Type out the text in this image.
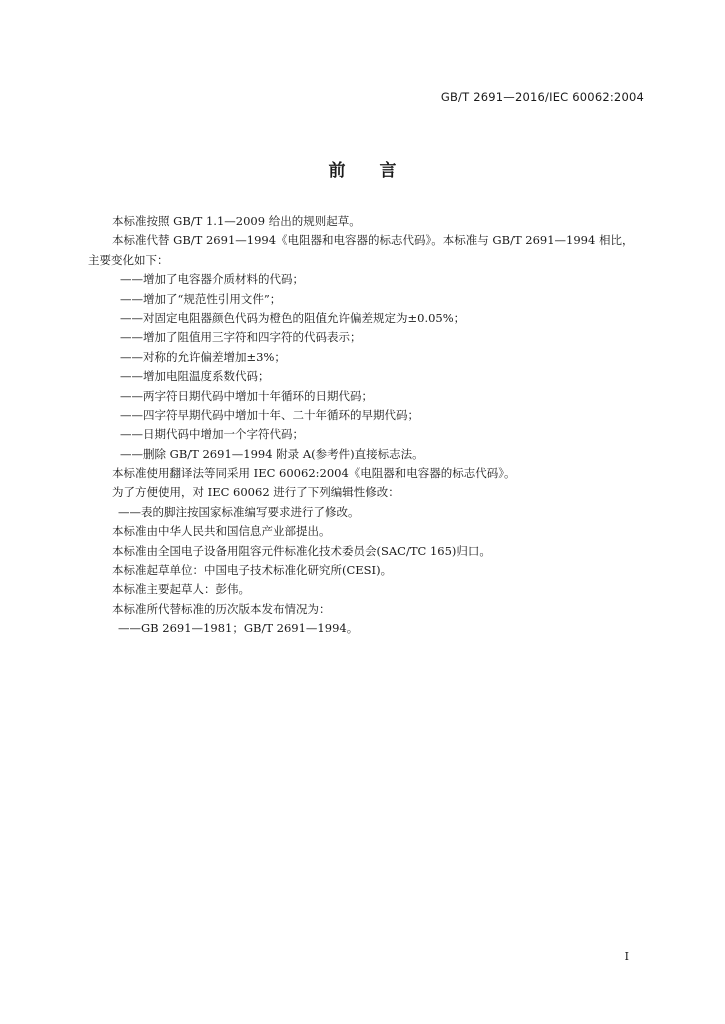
GB/T 2691—2016/IEC 60062:2004
前言
本标准按照 GB/T 1.1—2009 给出的规则起草。
本标准代替 GB/T 2691—1994《电阻器和电容器的标志代码》。本标准与 GB/T 2691—1994 相比，
主要变化如下：
——增加了电容器介质材料的代码；
——增加了“规范性引用文件”；
——对固定电阻器颜色代码为橙色的阻值允许偏差规定为±0.05%；
——增加了阻值用三字符和四字符的代码表示；
——对称的允许偏差增加±3%；
——增加电阻温度系数代码；
——两字符日期代码中增加十年循环的日期代码；
——四字符早期代码中增加十年、二十年循环的早期代码；
——日期代码中增加一个字符代码；
——删除 GB/T 2691—1994 附录 A(参考件)直接标志法。
本标准使用翻译法等同采用 IEC 60062:2004《电阻器和电容器的标志代码》。
为了方便使用，对 IEC 60062 进行了下列编辑性修改：
——表的脚注按国家标准编写要求进行了修改。
本标准由中华人民共和国信息产业部提出。
本标准由全国电子设备用阻容元件标准化技术委员会(SAC/TC 165)归口。
本标准起草单位：中国电子技术标准化研究所(CESI)。
本标准主要起草人：彭伟。
本标准所代替标准的历次版本发布情况为：
——GB 2691—1981；GB/T 2691—1994。
I
